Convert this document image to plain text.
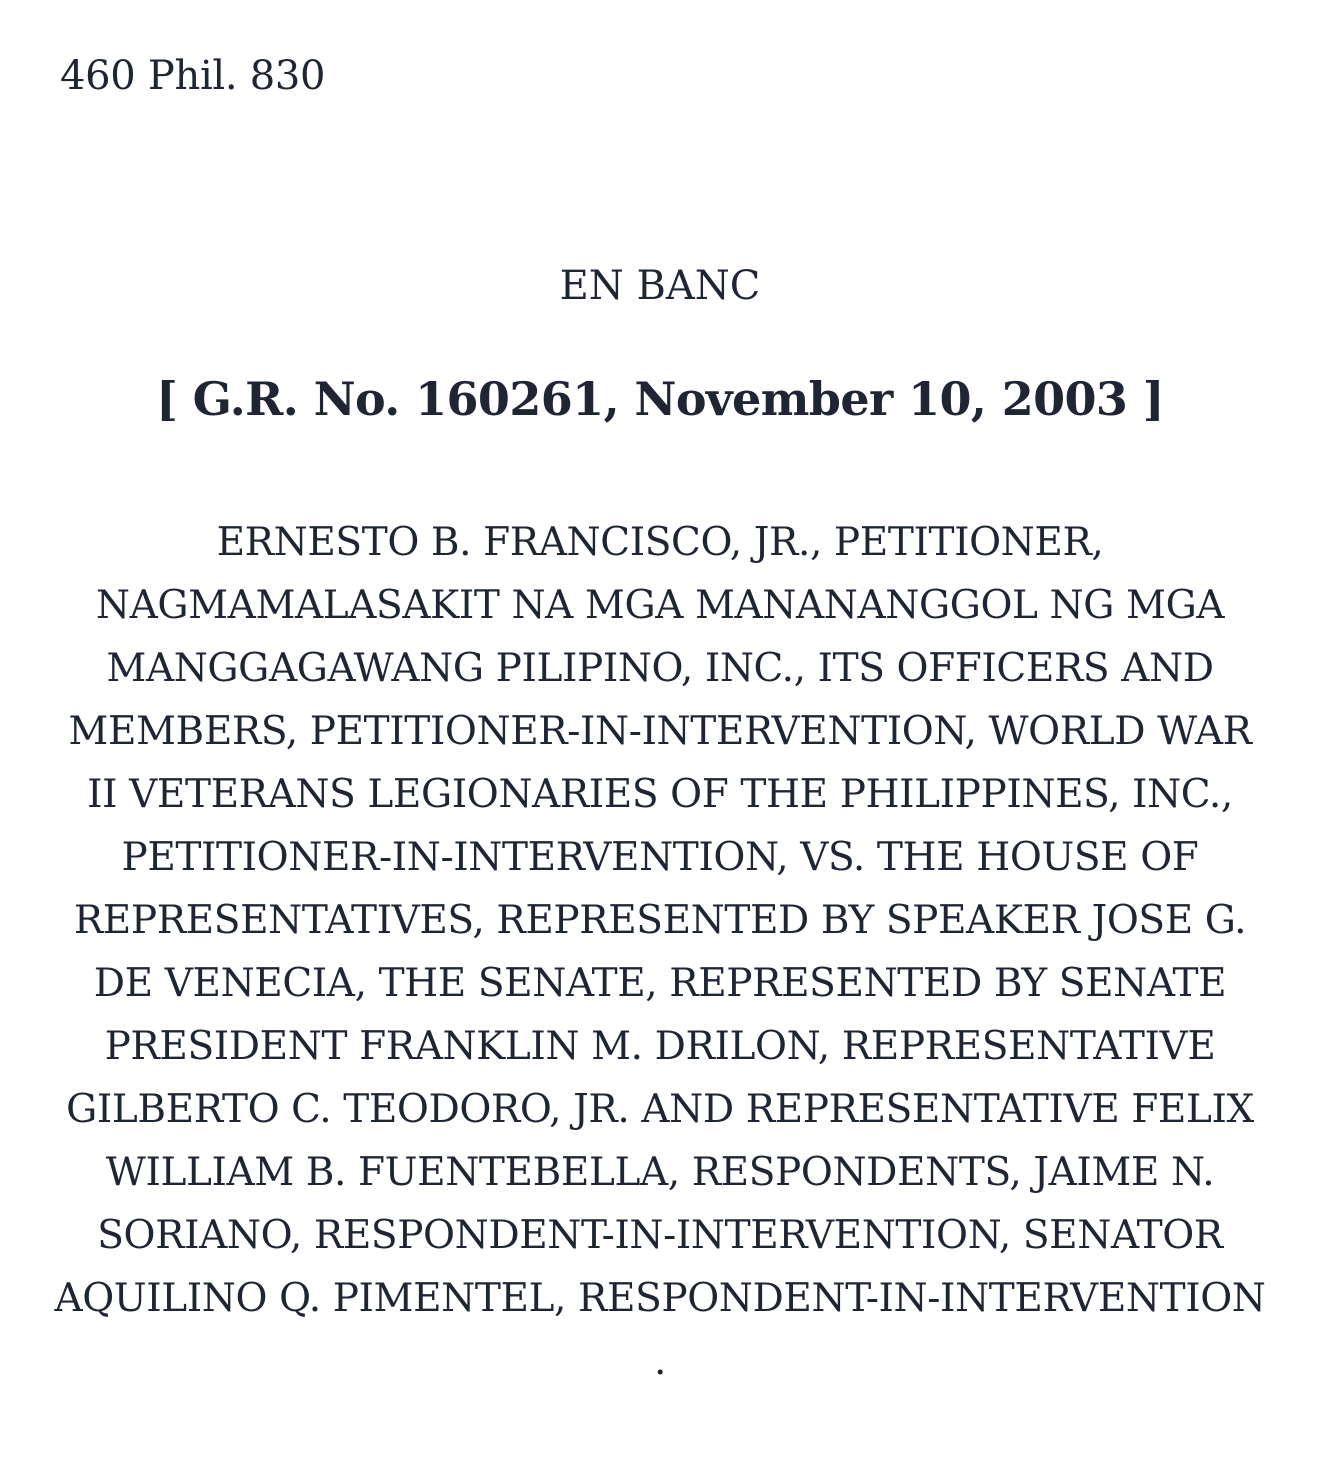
460 Phil. 830
EN BANC
[ G.R. No. 160261, November 10, 2003 ]
ERNESTO B. FRANCISCO, JR., PETITIONER, NAGMAMALASAKIT NA MGA MANANANGGOL NG MGA MANGGAGAWANG PILIPINO, INC., ITS OFFICERS AND MEMBERS, PETITIONER-IN-INTERVENTION, WORLD WAR II VETERANS LEGIONARIES OF THE PHILIPPINES, INC., PETITIONER-IN-INTERVENTION, VS. THE HOUSE OF REPRESENTATIVES, REPRESENTED BY SPEAKER JOSE G. DE VENECIA, THE SENATE, REPRESENTED BY SENATE PRESIDENT FRANKLIN M. DRILON, REPRESENTATIVE GILBERTO C. TEODORO, JR. AND REPRESENTATIVE FELIX WILLIAM B. FUENTEBELLA, RESPONDENTS, JAIME N. SORIANO, RESPONDENT-IN-INTERVENTION, SENATOR AQUILINO Q. PIMENTEL, RESPONDENT-IN-INTERVENTION .
